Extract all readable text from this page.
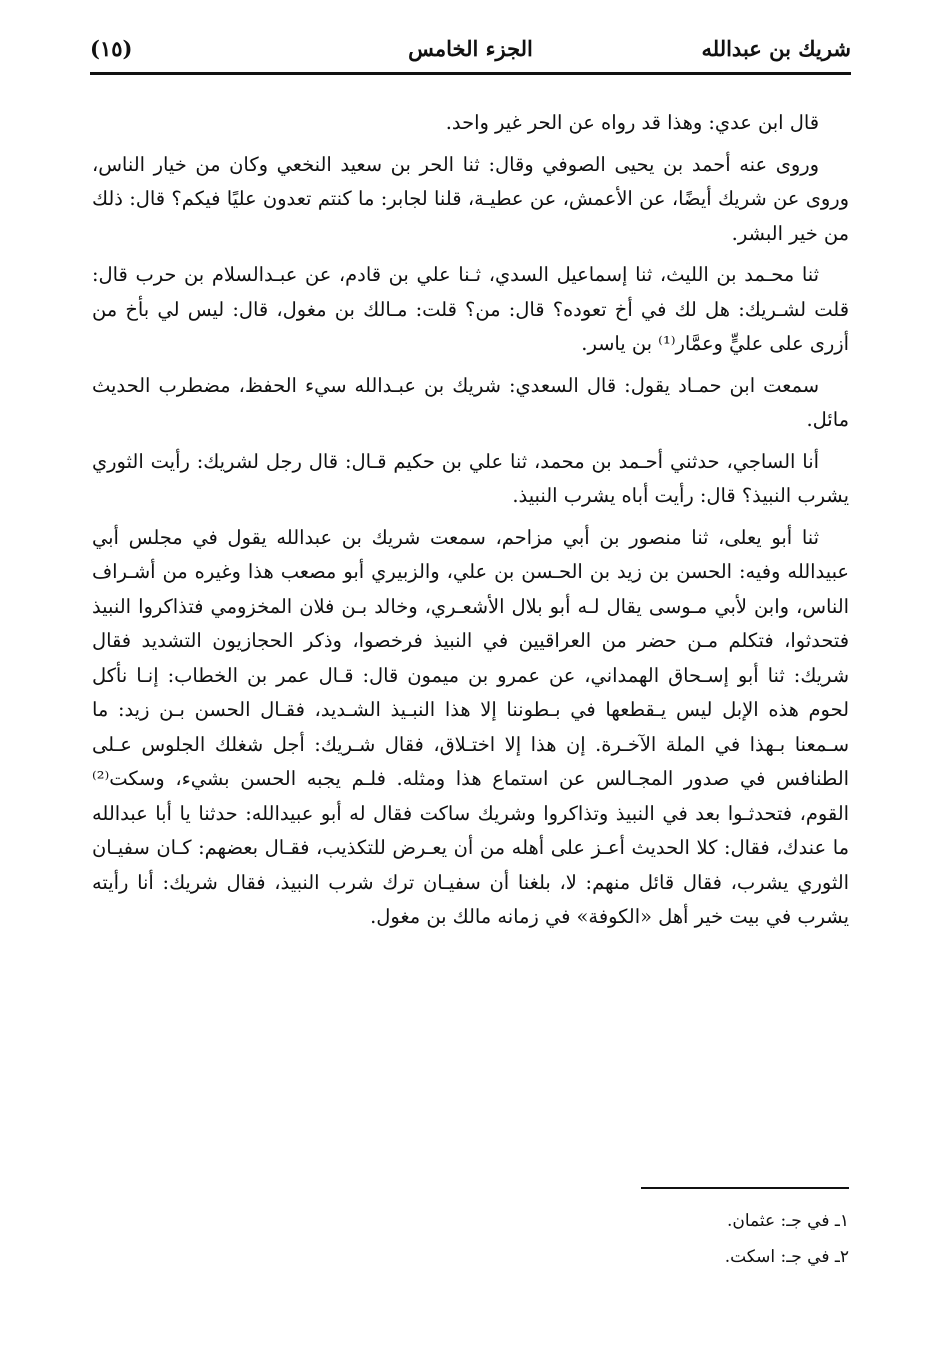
شريك بن عبدالله
الجزء الخامس
(١٥)

قال ابن عدي: وهذا قد رواه عن الحر غير واحد.

وروى عنه أحمد بن يحيى الصوفي وقال: ثنا الحر بن سعيد النخعي وكان من خيار الناس، وروى عن شريك أيضًا، عن الأعمش، عن عطيـة، قلنا لجابر: ما كنتم تعدون عليًا فيكم؟ قال: ذلك من خير البشر.

ثنا محـمد بن الليث، ثنا إسماعيل السدي، ثـنا علي بن قادم، عن عبـدالسلام بن حرب قال: قلت لشـريك: هل لك في أخ تعوده؟ قال: من؟ قلت: مـالك بن مغول، قال: ليس لي بأخ من أزرى على عليٍّ وعمَّار⁽¹⁾ بن ياسر.

سمعت ابن حمـاد يقول: قال السعدي: شريك بن عبـدالله سيء الحفظ، مضطرب الحديث مائل.

أنا الساجي، حدثني أحـمد بن محمد، ثنا علي بن حكيم قـال: قال رجل لشريك: رأيت الثوري يشرب النبيذ؟ قال: رأيت أباه يشرب النبيذ.

ثنا أبو يعلى، ثنا منصور بن أبي مزاحم، سمعت شريك بن عبدالله يقول في مجلس أبي عبيدالله وفيه: الحسن بن زيد بن الحـسن بن علي، والزبيري أبو مصعب هذا وغيره من أشـراف الناس، وابن لأبي مـوسى يقال لـه أبو بلال الأشعـري، وخالد بـن فلان المخزومي فتذاكروا النبيذ فتحدثوا، فتكلم مـن حضر من العراقيين في النبيذ فرخصوا، وذكر الحجازيون التشديد فقال شريك: ثنا أبو إسـحاق الهمداني، عن عمرو بن ميمون قال: قـال عمر بن الخطاب: إنـا نأكل لحوم هذه الإبل ليس يـقطعها في بـطوننا إلا هذا النبـيذ الشـديد، فقـال الحسن بـن زيد: ما سـمعنا بـهذا في الملة الآخـرة. إن هذا إلا اختـلاق، فقال شـريك: أجل شغلك الجلوس عـلى الطنافس في صدور المجـالس عن استماع هذا ومثله. فلـم يجبه الحسن بشيء، وسكت⁽²⁾ القوم، فتحدثـوا بعد في النبيذ وتذاكروا وشريك ساكت فقال له أبو عبيدالله: حدثنا يا أبا عبدالله ما عندك، فقال: كلا الحديث أعـز على أهله من أن يعـرض للتكذيب، فقـال بعضهم: كـان سفيـان الثوري يشرب، فقال قائل منهم: لا، بلغنا أن سفيـان ترك شرب النبيذ، فقال شريك: أنا رأيته يشرب في بيت خير أهل «الكوفة» في زمانه مالك بن مغول.

١ـ في جـ: عثمان.
٢ـ في جـ: اسكت.
